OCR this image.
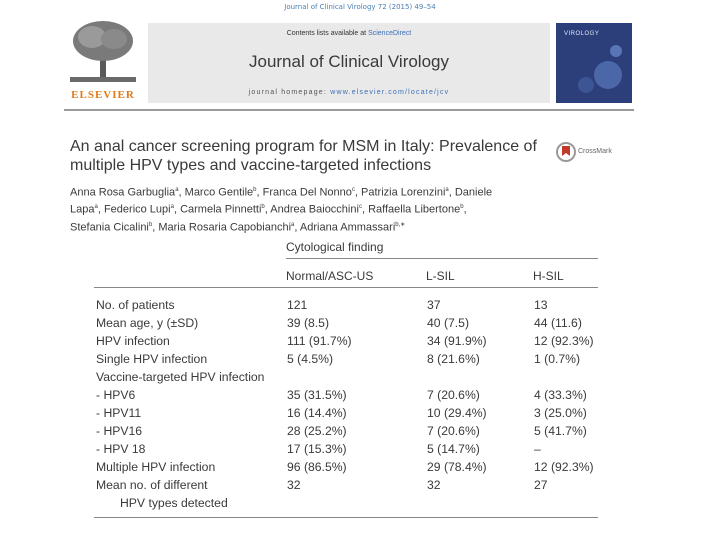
Journal of Clinical Virology 72 (2015) 49–54
ELSEVIER
Contents lists available at ScienceDirect
Journal of Clinical Virology
journal homepage: www.elsevier.com/locate/jcv
VIROLOGY
An anal cancer screening program for MSM in Italy: Prevalence of multiple HPV types and vaccine-targeted infections
CrossMark
Anna Rosa Garbuglia$^a$, Marco Gentile$^b$, Franca Del Nonno$^c$, Patrizia Lorenzini$^a$, Daniele Lapa$^a$, Federico Lupi$^a$, Carmela Pinnetti$^b$, Andrea Baiocchini$^c$, Raffaella Libertone$^b$, Stefania Cicalini$^b$, Maria Rosaria Capobianchi$^a$, Adriana Ammassari$^{b,∗}$
Cytological finding
Normal/ASC-US	L-SIL	H-SIL
No. of patients	121	37	13
Mean age, y (±SD)	39 (8.5)	40 (7.5)	44 (11.6)
HPV infection	111 (91.7%)	34 (91.9%)	12 (92.3%)
Single HPV infection	5 (4.5%)	8 (21.6%)	1 (0.7%)
Vaccine-targeted HPV infection
- HPV6	35 (31.5%)	7 (20.6%)	4 (33.3%)
- HPV11	16 (14.4%)	10 (29.4%)	3 (25.0%)
- HPV16	28 (25.2%)	7 (20.6%)	5 (41.7%)
- HPV 18	17 (15.3%)	5 (14.7%)	–
Multiple HPV infection	96 (86.5%)	29 (78.4%)	12 (92.3%)
Mean no. of different	32	32	27
HPV types detected
